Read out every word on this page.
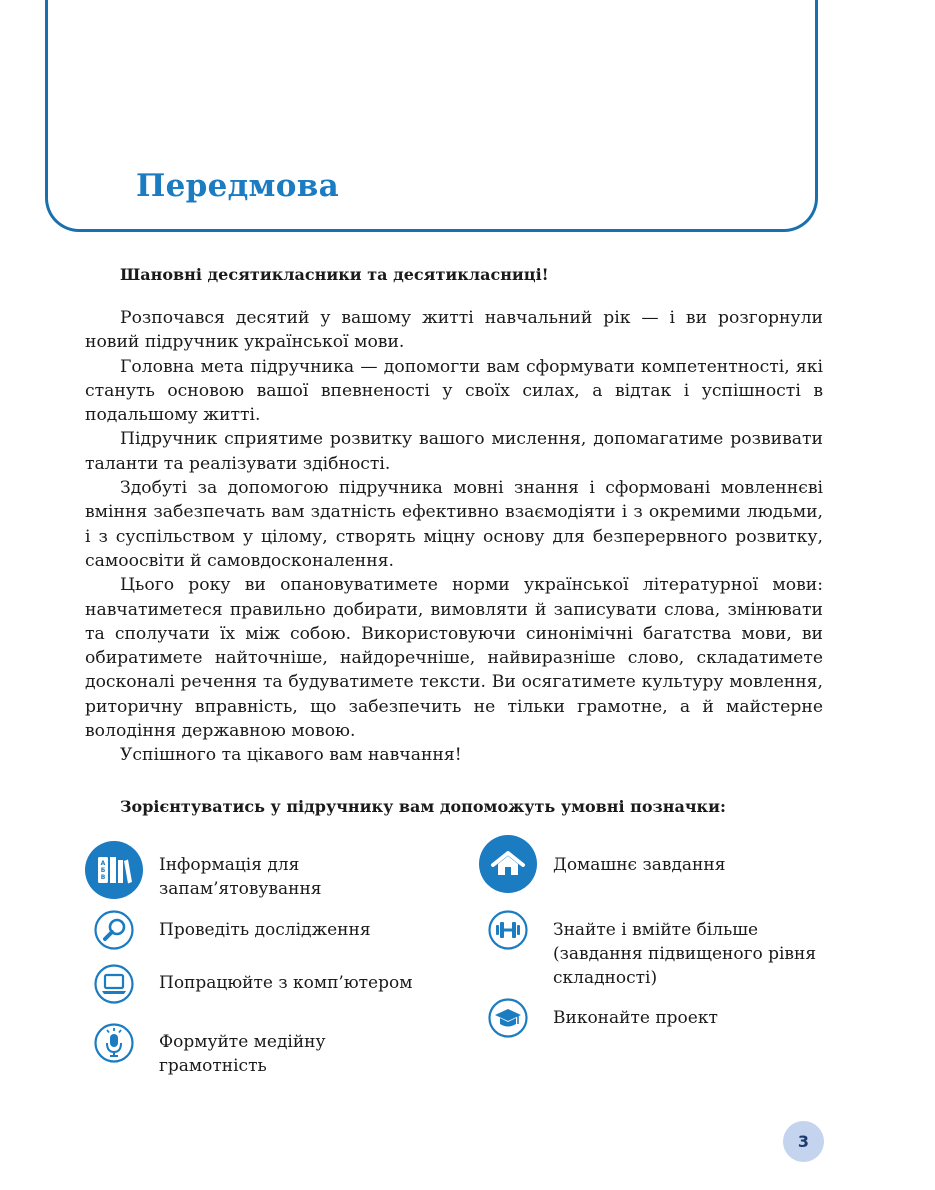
Передмова

Шановні десятикласники та десятикласниці!

Розпочався десятий у вашому житті навчальний рік — і ви розгорнули новий підручник української мови.

Головна мета підручника — допомогти вам сформувати компетентності, які стануть основою вашої впевненості у своїх силах, а відтак і успішності в подальшому житті.

Підручник сприятиме розвитку вашого мислення, допомагатиме розвивати таланти та реалізувати здібності.

Здобуті за допомогою підручника мовні знання і сформовані мовленнєві вміння забезпечать вам здатність ефективно взаємодіяти і з окремими людьми, і з суспільством у цілому, створять міцну основу для безперервного розвитку, самоосвіти й самовдосконалення.

Цього року ви опановуватимете норми української літературної мови: навчатиметеся правильно добирати, вимовляти й записувати слова, змінювати та сполучати їх між собою. Використовуючи синонімічні багатства мови, ви обиратимете найточніше, найдоречніше, найвиразніше слово, складатимете досконалі речення та будуватимете тексти. Ви осягатимете культуру мовлення, риторичну вправність, що забезпечить не тільки грамотне, а й майстерне володіння державною мовою.

Успішного та цікавого вам навчання!

Зорієнтуватись у підручнику вам допоможуть умовні позначки:

А
Б
В
Інформація для запам’ятовування
Проведіть дослідження
Попрацюйте з комп’ютером
Формуйте медійну грамотність
Домашнє завдання
Знайте і вмійте більше (завдання підвищеного рівня складності)
Виконайте проект
3
